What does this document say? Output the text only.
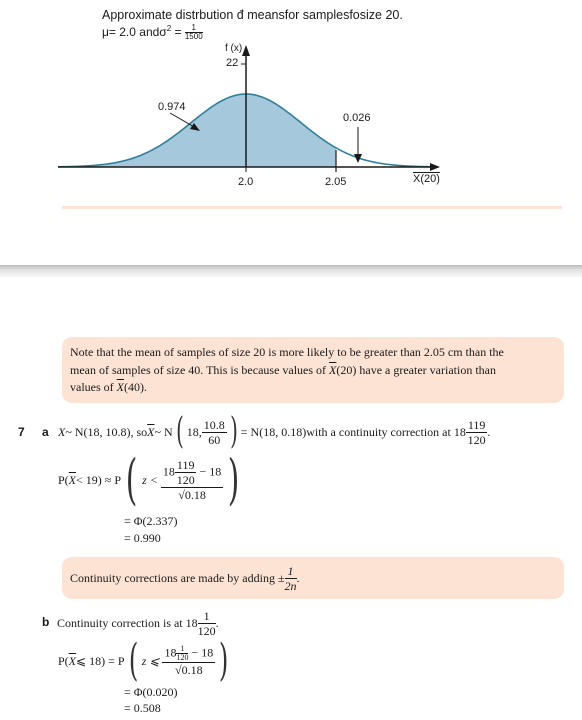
Approximate distrbution đ meansfor samplesfosize 20.
μ= 2.0 $and\sigma^2 = \frac{1}{1500}$
f (x)
22
0.974
0.026
2.0	2.05	X(20)

Note that the mean of samples of size 20 is more likely to be greater than 2.05 cm than the
mean of samples of size 40. This is because values of $\overline{X}(20)$ have a greater variation than
values of $\overline{X}(40)$.

7 a X ~ N(18, 10.8), so $\overline{X}$ ~ N ( 18, $\frac{10.8}{60}$ ) = N(18, 0.18) with a continuity correction at $18 \frac{119}{120}$ .
P( $\overline{X} < 19$)
≈ P ( z <

$18 \frac{119}{120} - 18$
√0.18 )
= Φ(2.337)
= 0.990
Continuity corrections are made by adding ± $\frac{1}{2n}$ .
b Continuity correction is at $18 \frac{1}{120}$ .
P( $\overline{X}$ ⩽ 18)
= P ( z ⩽

$18 \frac{1}{120} - 18$
√0.18 )
= Φ(0.020)
= 0.508
